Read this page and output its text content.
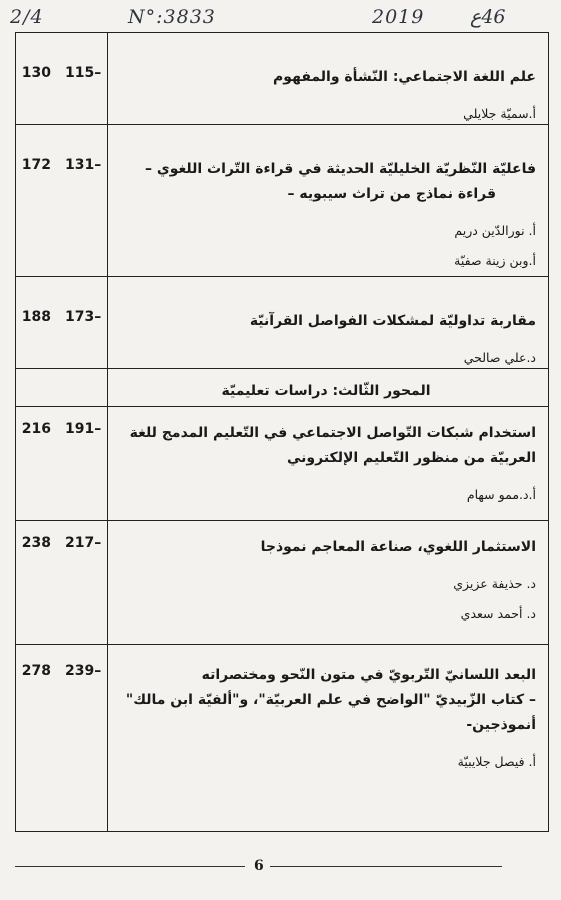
2/4	N°:3833	2019 46ع
130 115–	علم اللغة الاجتماعي: النّشأة والمفهوم
أ.سميّة جلايلي

172 131–	فاعليّة النّظريّة الخليليّة الحديثة في قراءة التّراث اللغوي –
قراءة نماذج من تراث سيبويه –
أ. نورالدّين دريم
أ.وبن زينة صفيّة

188 173–	مقاربة تداوليّة لمشكلات الفواصل القرآنيّة
د.علي صالحي

	المحور الثّالث: دراسات تعليميّة

216 191–	استخدام شبكات التّواصل الاجتماعي في التّعليم المدمج للغة
العربيّة من منظور التّعليم الإلكتروني
أ.د.ممو سهام

238 217–	الاستثمار اللغوي، صناعة المعاجم نموذجا
د. حذيفة عزيزي
د. أحمد سعدي

278 239–	البعد اللسانيّ التّربويّ في متون النّحو ومختصراته
– كتاب الزّبيديّ "الواضح في علم العربيّة"، و"ألفيّة ابن مالك"
أنموذجين-
أ. فيصل جلايبيّة
6
